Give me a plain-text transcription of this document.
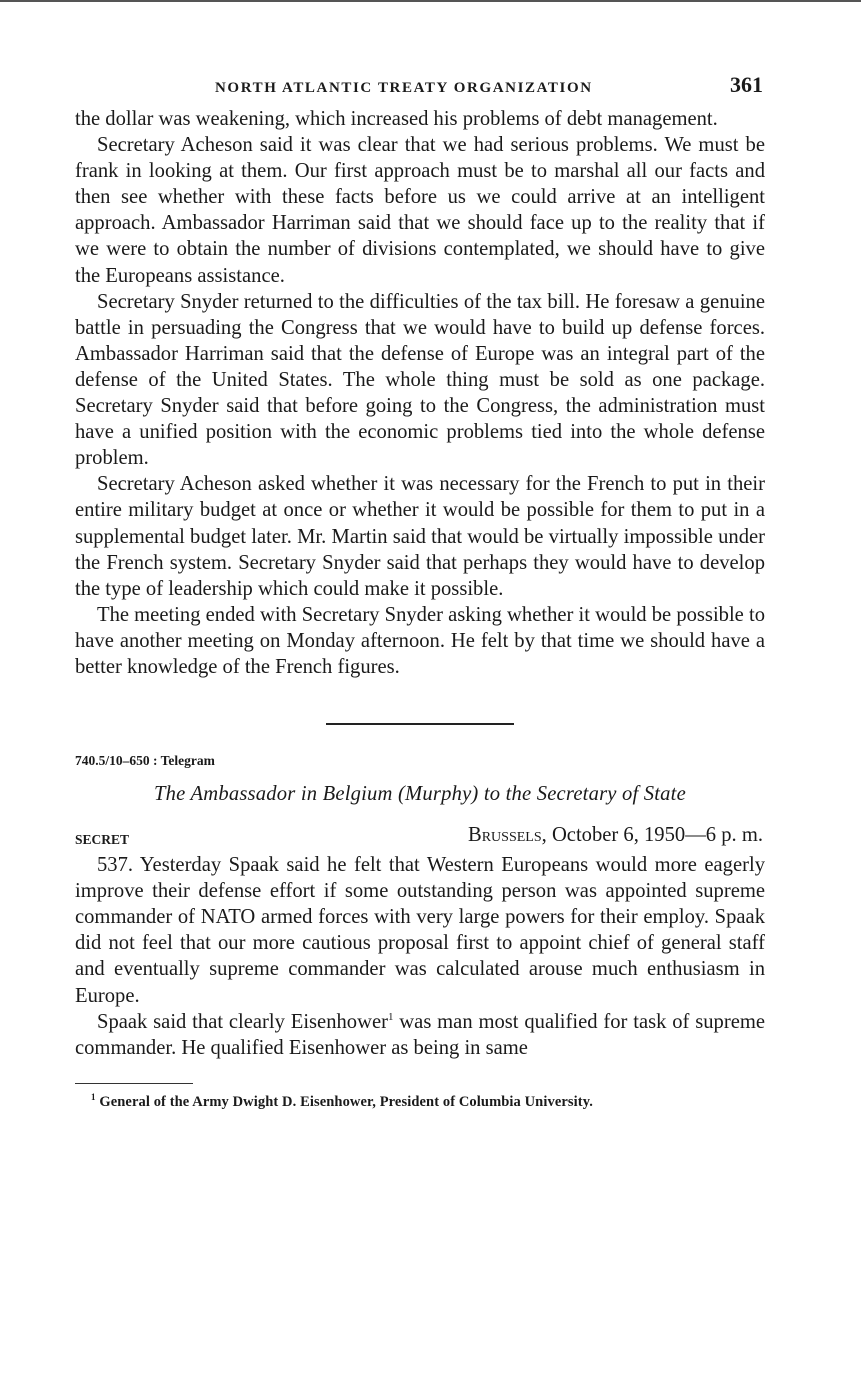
NORTH ATLANTIC TREATY ORGANIZATION	361

the dollar was weakening, which increased his problems of debt management.

Secretary Acheson said it was clear that we had serious problems. We must be frank in looking at them. Our first approach must be to marshal all our facts and then see whether with these facts before us we could arrive at an intelligent approach. Ambassador Harriman said that we should face up to the reality that if we were to obtain the number of divisions contemplated, we should have to give the Europeans assistance.

Secretary Snyder returned to the difficulties of the tax bill. He foresaw a genuine battle in persuading the Congress that we would have to build up defense forces. Ambassador Harriman said that the defense of Europe was an integral part of the defense of the United States. The whole thing must be sold as one package. Secretary Snyder said that before going to the Congress, the administration must have a unified position with the economic problems tied into the whole defense problem.

Secretary Acheson asked whether it was necessary for the French to put in their entire military budget at once or whether it would be possible for them to put in a supplemental budget later. Mr. Martin said that would be virtually impossible under the French system. Secretary Snyder said that perhaps they would have to develop the type of leadership which could make it possible.

The meeting ended with Secretary Snyder asking whether it would be possible to have another meeting on Monday afternoon. He felt by that time we should have a better knowledge of the French figures.

740.5/10–650 : Telegram
The Ambassador in Belgium (Murphy) to the Secretary of State
SECRET	Brussels, October 6, 1950—6 p. m.

537. Yesterday Spaak said he felt that Western Europeans would more eagerly improve their defense effort if some outstanding person was appointed supreme commander of NATO armed forces with very large powers for their employ. Spaak did not feel that our more cautious proposal first to appoint chief of general staff and eventually supreme commander was calculated arouse much enthusiasm in Europe.

Spaak said that clearly Eisenhower$^1$ was man most qualified for task of supreme commander. He qualified Eisenhower as being in same

$^1$ General of the Army Dwight D. Eisenhower, President of Columbia University.
